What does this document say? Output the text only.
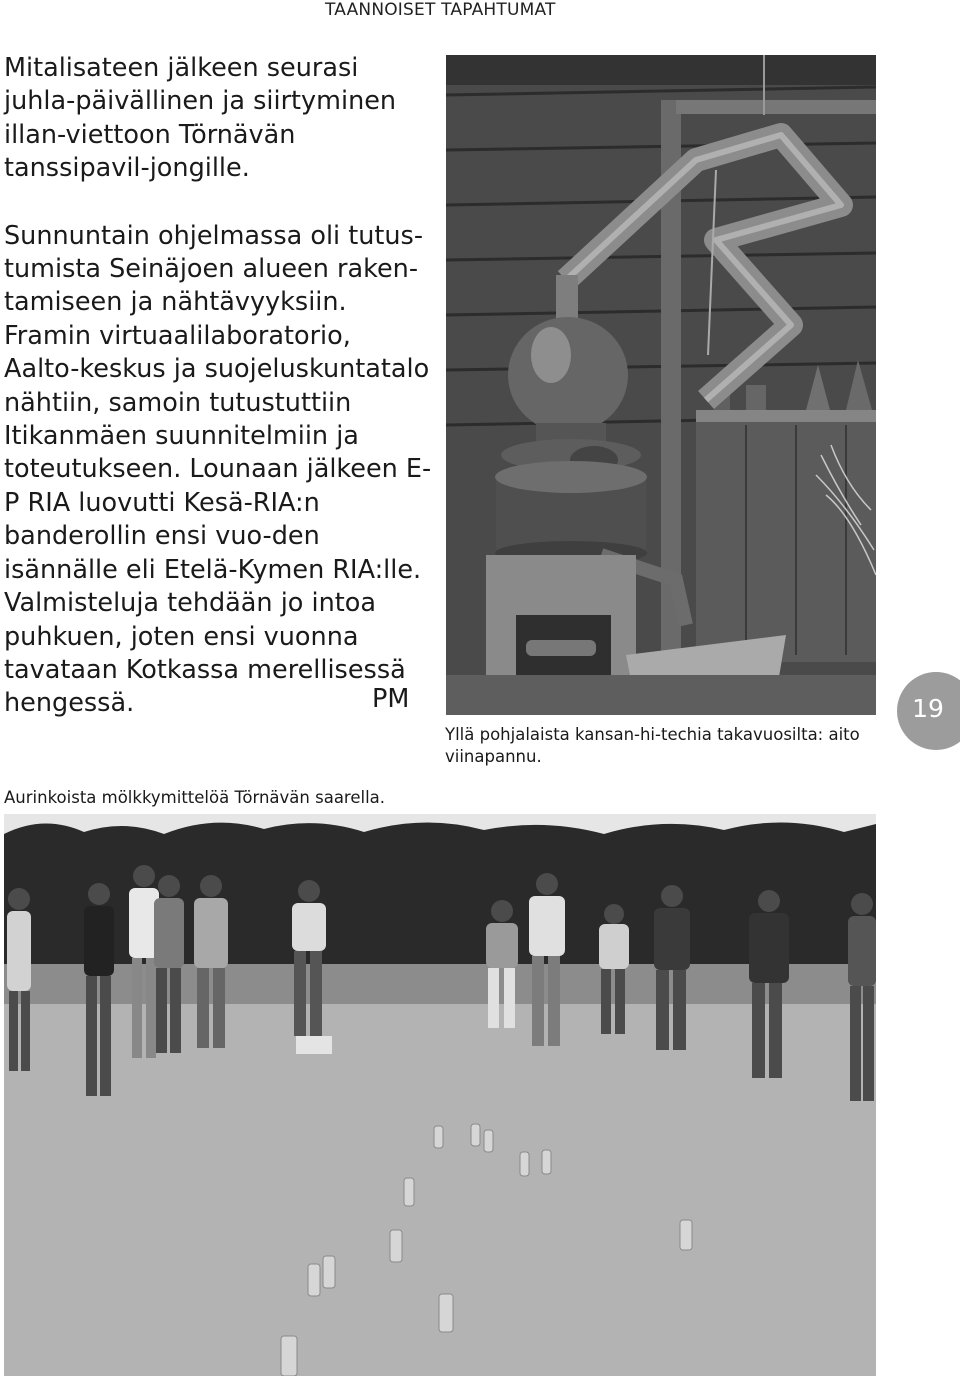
TAANNOISET TAPAHTUMAT

Mitalisateen jälkeen seurasi juhla-päivällinen ja siirtyminen illan-viettoon Törnävän tanssipavil-jongille.

Sunnuntain ohjelmassa oli tutus-tumista Seinäjoen alueen raken-tamiseen ja nähtävyyksiin. Framin virtuaalilaboratorio, Aalto-keskus ja suojeluskuntatalo nähtiin, samoin tutustuttiin Itikanmäen suunnitelmiin ja toteutukseen. Lounaan jälkeen E-P RIA luovutti Kesä-RIA:n banderollin ensi vuo-den isännälle eli Etelä-Kymen RIA:lle. Valmisteluja tehdään jo intoa puhkuen, joten ensi vuonna tavataan Kotkassa merellisessä hengessä.	PM
Yllä pohjalaista kansan-hi-techia takavuosilta: aito viinapannu.
19
Aurinkoista mölkkymittelöä Törnävän saarella.
